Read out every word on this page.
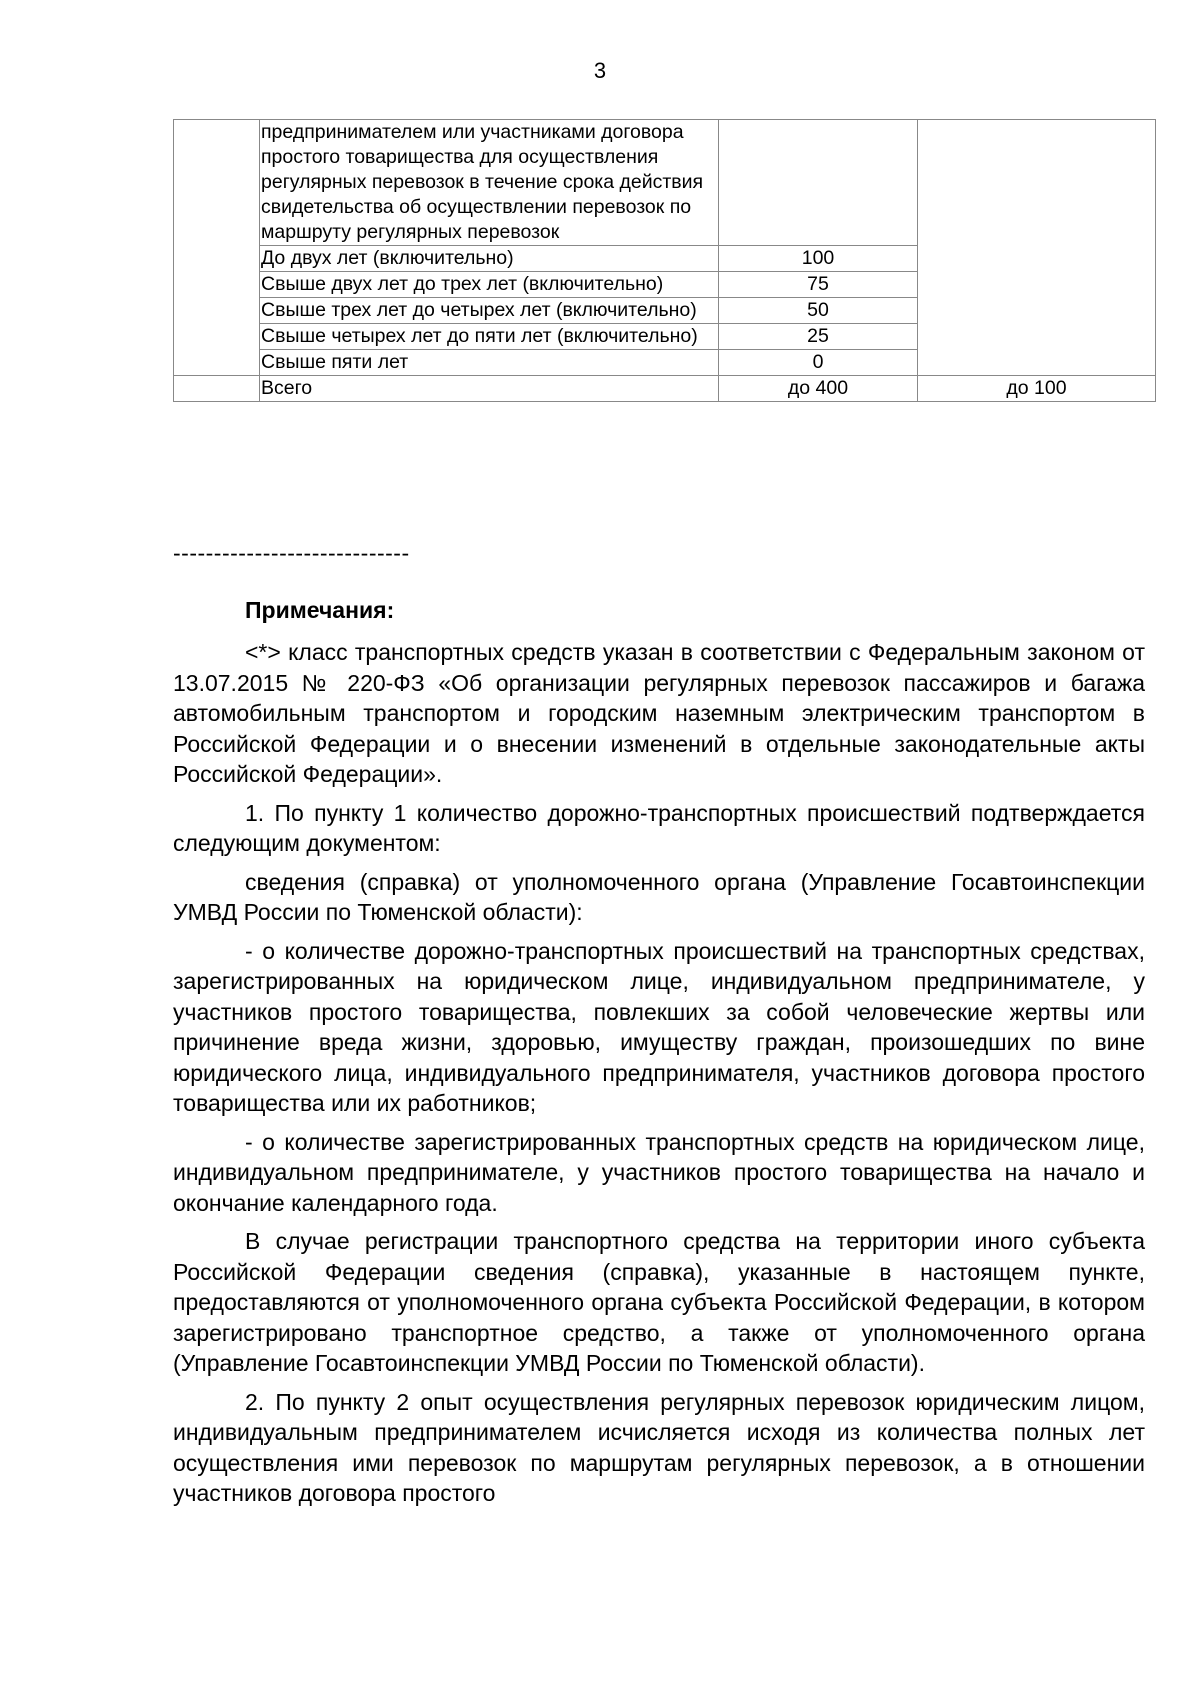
3
	предпринимателем или участниками договора простого товарищества для осуществления регулярных перевозок в течение срока действия свидетельства об осуществлении перевозок по маршруту регулярных перевозок		
	До двух лет (включительно)	100	
	Свыше двух лет до трех лет (включительно)	75	
	Свыше трех лет до четырех лет (включительно)	50	
	Свыше четырех лет до пяти лет (включительно)	25	
	Свыше пяти лет	0	
	Всего	до 400	до 100
-----------------------------
Примечания:

<*> класс транспортных средств указан в соответствии с Федеральным законом от 13.07.2015 № 220-ФЗ «Об организации регулярных перевозок пассажиров и багажа автомобильным транспортом и городским наземным электрическим транспортом в Российской Федерации и о внесении изменений в отдельные законодательные акты Российской Федерации».

1. По пункту 1 количество дорожно-транспортных происшествий подтверждается следующим документом:

сведения (справка) от уполномоченного органа (Управление Госавтоинспекции УМВД России по Тюменской области):

- о количестве дорожно-транспортных происшествий на транспортных средствах, зарегистрированных на юридическом лице, индивидуальном предпринимателе, у участников простого товарищества, повлекших за собой человеческие жертвы или причинение вреда жизни, здоровью, имуществу граждан, произошедших по вине юридического лица, индивидуального предпринимателя, участников договора простого товарищества или их работников;

- о количестве зарегистрированных транспортных средств на юридическом лице, индивидуальном предпринимателе, у участников простого товарищества на начало и окончание календарного года.

В случае регистрации транспортного средства на территории иного субъекта Российской Федерации сведения (справка), указанные в настоящем пункте, предоставляются от уполномоченного органа субъекта Российской Федерации, в котором зарегистрировано транспортное средство, а также от уполномоченного органа (Управление Госавтоинспекции УМВД России по Тюменской области).

2. По пункту 2 опыт осуществления регулярных перевозок юридическим лицом, индивидуальным предпринимателем исчисляется исходя из количества полных лет осуществления ими перевозок по маршрутам регулярных перевозок, а в отношении участников договора простого
